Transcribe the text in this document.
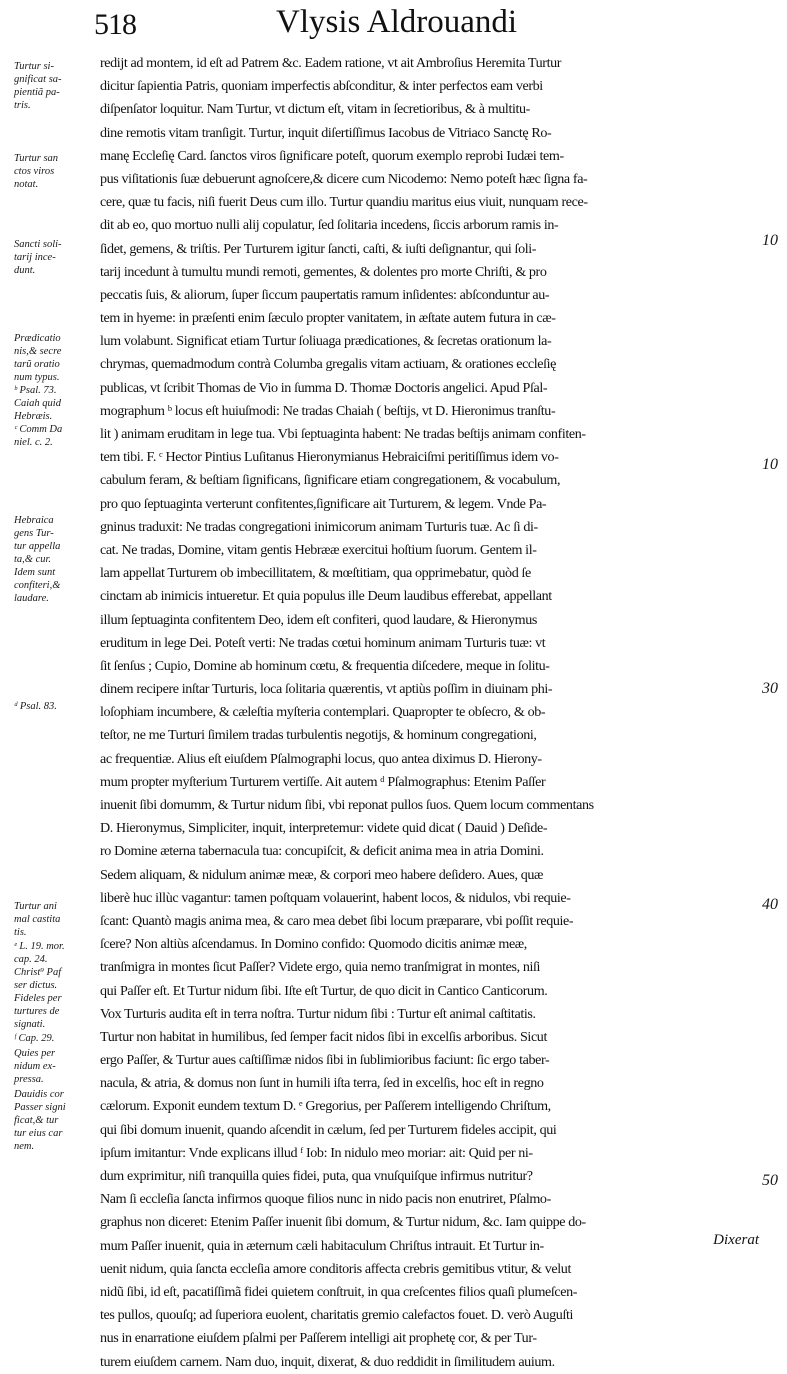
518	Vlysis Aldrouandi
Turtur si-
gnificat sa-
pientiã pa-
tris.
Turtur san
ctos viros
notat.
Sancti soli-
tarij ince-
dunt.
Prædicatio
nis,& secre
tarũ oratio
num typus.
ᵇ Psal. 73.
Caiah quid
Hebræis.
ᶜ Comm Da
niel. c. 2.
Hebraica
gens Tur-
tur appella
ta,& cur.
Idem sunt
confiteri,&
laudare.
ᵈ Psal. 83.
Turtur ani
mal castita
tis.
ᵉ L. 19. mor.
cap. 24.
Christ⁹ Paf
ser dictus.
Fideles per
turtures de
signati.
ᶠ Cap. 29.
Quies per
nidum ex-
pressa.
Dauidis cor
Passer signi
ficat,& tur
tur eius car
nem.
redijt ad montem, id eſt ad Patrem &c. Eadem ratione, vt ait Ambroſius Heremita Turtur
dicitur ſapientia Patris, quoniam imperfectis abſconditur, & inter perfectos eam verbi
diſpenſator loquitur. Nam Turtur, vt dictum eſt, vitam in ſecretioribus, & à multitu-
dine remotis vitam tranſigit. Turtur, inquit diſertiſſimus Iacobus de Vitriaco Sanctę Ro-
manę Eccleſię Card. ſanctos viros ſignificare poteſt, quorum exemplo reprobi Iudæi tem-
pus viſitationis ſuæ debuerunt agnoſcere,& dicere cum Nicodemo: Nemo poteſt hæc ſigna fa-
cere, quæ tu facis, niſi fuerit Deus cum illo. Turtur quandiu maritus eius viuit, nunquam rece-
dit ab eo, quo mortuo nulli alij copulatur, ſed ſolitaria incedens, ſiccis arborum ramis in-
ſidet, gemens, & triſtis. Per Turturem igitur ſancti, caſti, & iuſti deſignantur, qui ſoli-
tarij incedunt à tumultu mundi remoti, gementes, & dolentes pro morte Chriſti, & pro
peccatis ſuis, & aliorum, ſuper ſiccum paupertatis ramum inſidentes: abſconduntur au-
tem in hyeme: in præſenti enim ſæculo propter vanitatem, in æſtate autem futura in cæ-
lum volabunt. Significat etiam Turtur ſoliuaga prædicationes, & ſecretas orationum la-
chrymas, quemadmodum contrà Columba gregalis vitam actiuam, & orationes eccleſię
publicas, vt ſcribit Thomas de Vio in ſumma D. Thomæ Doctoris angelici. Apud Pſal-
mographum ᵇ locus eſt huiuſmodi: Ne tradas Chaiah ( beſtijs, vt D. Hieronimus tranſtu-
lit ) animam eruditam in lege tua. Vbi ſeptuaginta habent: Ne tradas beſtijs animam confiten-
tem tibi. F. ᶜ Hector Pintius Luſitanus Hieronymianus Hebraiciſmi peritiſſimus idem vo-
cabulum feram, & beſtiam ſignificans, ſignificare etiam congregationem, & vocabulum,
pro quo ſeptuaginta verterunt confitentes,ſignificare ait Turturem, & legem. Vnde Pa-
gninus traduxit: Ne tradas congregationi inimicorum animam Turturis tuæ. Ac ſi di-
cat. Ne tradas, Domine, vitam gentis Hebrææ exercitui hoſtium ſuorum. Gentem il-
lam appellat Turturem ob imbecillitatem, & mœſtitiam, qua opprimebatur, quòd ſe
cinctam ab inimicis intueretur. Et quia populus ille Deum laudibus efferebat, appellant
illum ſeptuaginta confitentem Deo, idem eſt confiteri, quod laudare, & Hieronymus
eruditum in lege Dei. Poteſt verti: Ne tradas cœtui hominum animam Turturis tuæ: vt
ſit ſenſus ; Cupio, Domine ab hominum cœtu, & frequentia diſcedere, meque in ſolitu-
dinem recipere inſtar Turturis, loca ſolitaria quærentis, vt aptiùs poſſim in diuinam phi-
loſophiam incumbere, & cæleſtia myſteria contemplari. Quapropter te obſecro, & ob-
teſtor, ne me Turturi ſimilem tradas turbulentis negotijs, & hominum congregationi,
ac frequentiæ. Alius eſt eiuſdem Pſalmographi locus, quo antea diximus D. Hierony-
mum propter myſterium Turturem vertiſſe. Ait autem ᵈ Pſalmographus: Etenim Paſſer
inuenit ſibi domumm, & Turtur nidum ſibi, vbi reponat pullos ſuos. Quem locum commentans
D. Hieronymus, Simpliciter, inquit, interpretemur: videte quid dicat ( Dauid ) Deſide-
ro Domine æterna tabernacula tua: concupiſcit, & deficit anima mea in atria Domini.
Sedem aliquam, & nidulum animæ meæ, & corpori meo habere deſidero. Aues, quæ
liberè huc illùc vagantur: tamen poſtquam volauerint, habent locos, & nidulos, vbi requie-
ſcant: Quantò magis anima mea, & caro mea debet ſibi locum præparare, vbi poſſit requie-
ſcere? Non altiùs aſcendamus. In Domino confido: Quomodo dicitis animæ meæ,
tranſmigra in montes ſicut Paſſer? Videte ergo, quia nemo tranſmigrat in montes, niſi
qui Paſſer eſt. Et Turtur nidum ſibi. Iſte eſt Turtur, de quo dicit in Cantico Canticorum.
Vox Turturis audita eſt in terra noſtra. Turtur nidum ſibi : Turtur eſt animal caſtitatis.
Turtur non habitat in humilibus, ſed ſemper facit nidos ſibi in excelſis arboribus. Sicut
ergo Paſſer, & Turtur aues caſtiſſimæ nidos ſibi in ſublimioribus faciunt: ſic ergo taber-
nacula, & atria, & domus non ſunt in humili iſta terra, ſed in excelſis, hoc eſt in regno
cælorum. Exponit eundem textum D. ᵉ Gregorius, per Paſſerem intelligendo Chriſtum,
qui ſibi domum inuenit, quando aſcendit in cælum, ſed per Turturem fideles accipit, qui
ipſum imitantur: Vnde explicans illud ᶠ Iob: In nidulo meo moriar: ait: Quid per ni-
dum exprimitur, niſi tranquilla quies fidei, puta, qua vnuſquiſque infirmus nutritur?
Nam ſi eccleſia ſancta infirmos quoque filios nunc in nido pacis non enutriret, Pſalmo-
graphus non diceret: Etenim Paſſer inuenit ſibi domum, & Turtur nidum, &c. Iam quippe do-
mum Paſſer inuenit, quia in æternum cæli habitaculum Chriſtus intrauit. Et Turtur in-
uenit nidum, quia ſancta eccleſia amore conditoris affecta crebris gemitibus vtitur, & velut
nidũ ſibi, id eſt, pacatiſſimã fidei quietem conſtruit, in qua creſcentes filios quaſi plumeſcen-
tes pullos, quouſq; ad ſuperiora euolent, charitatis gremio calefactos fouet. D. verò Auguſti
nus in enarratione eiuſdem pſalmi per Paſſerem intelligi ait prophetę cor, & per Tur-
turem eiuſdem carnem. Nam duo, inquit, dixerat, & duo reddidit in ſimilitudem auium.
10
10
30
40
50
Dixerat
